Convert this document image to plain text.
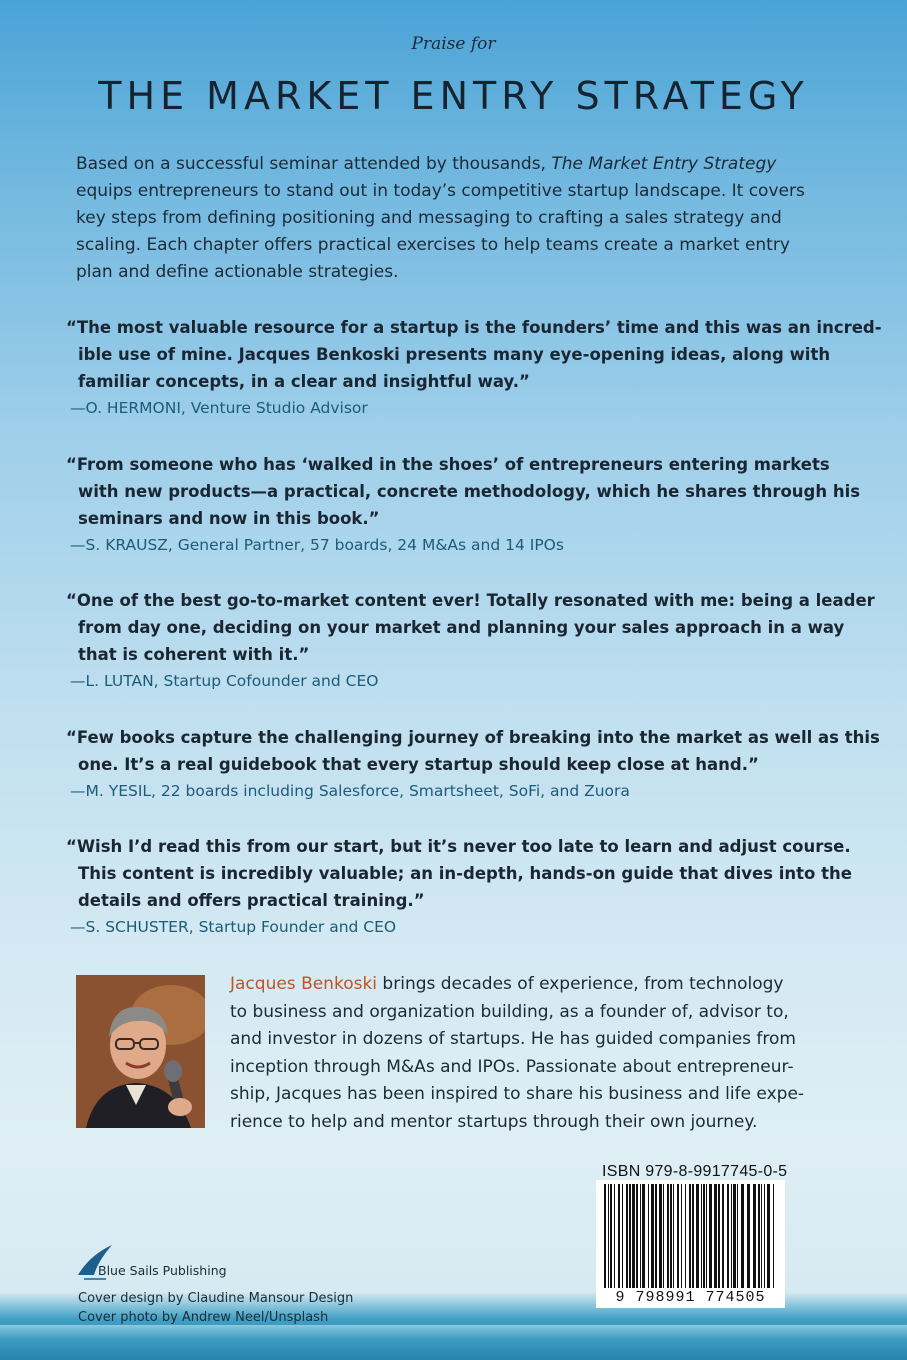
Praise for
THE MARKET ENTRY STRATEGY
Based on a successful seminar attended by thousands, The Market Entry Strategy
equips entrepreneurs to stand out in today’s competitive startup landscape. It covers
key steps from defining positioning and messaging to crafting a sales strategy and
scaling. Each chapter offers practical exercises to help teams create a market entry
plan and define actionable strategies.
“The most valuable resource for a startup is the founders’ time and this was an incred-
ible use of mine. Jacques Benkoski presents many eye-opening ideas, along with
familiar concepts, in a clear and insightful way.”
—O. HERMONI, Venture Studio Advisor
“From someone who has ‘walked in the shoes’ of entrepreneurs entering markets
with new products—a practical, concrete methodology, which he shares through his
seminars and now in this book.”
—S. KRAUSZ, General Partner, 57 boards, 24 M&As and 14 IPOs
“One of the best go-to-market content ever! Totally resonated with me: being a leader
from day one, deciding on your market and planning your sales approach in a way
that is coherent with it.”
—L. LUTAN, Startup Cofounder and CEO
“Few books capture the challenging journey of breaking into the market as well as this
one. It’s a real guidebook that every startup should keep close at hand.”
—M. YESIL, 22 boards including Salesforce, Smartsheet, SoFi, and Zuora
“Wish I’d read this from our start, but it’s never too late to learn and adjust course.
This content is incredibly valuable; an in-depth, hands-on guide that dives into the
details and offers practical training.”
—S. SCHUSTER, Startup Founder and CEO
Jacques Benkoski brings decades of experience, from technology
to business and organization building, as a founder of, advisor to,
and investor in dozens of startups. He has guided companies from
inception through M&As and IPOs. Passionate about entrepreneur-
ship, Jacques has been inspired to share his business and life expe-
rience to help and mentor startups through their own journey.
ISBN 979-8-9917745-0-5
9 798991 774505
Blue Sails Publishing
Cover design by Claudine Mansour Design
Cover photo by Andrew Neel/Unsplash
